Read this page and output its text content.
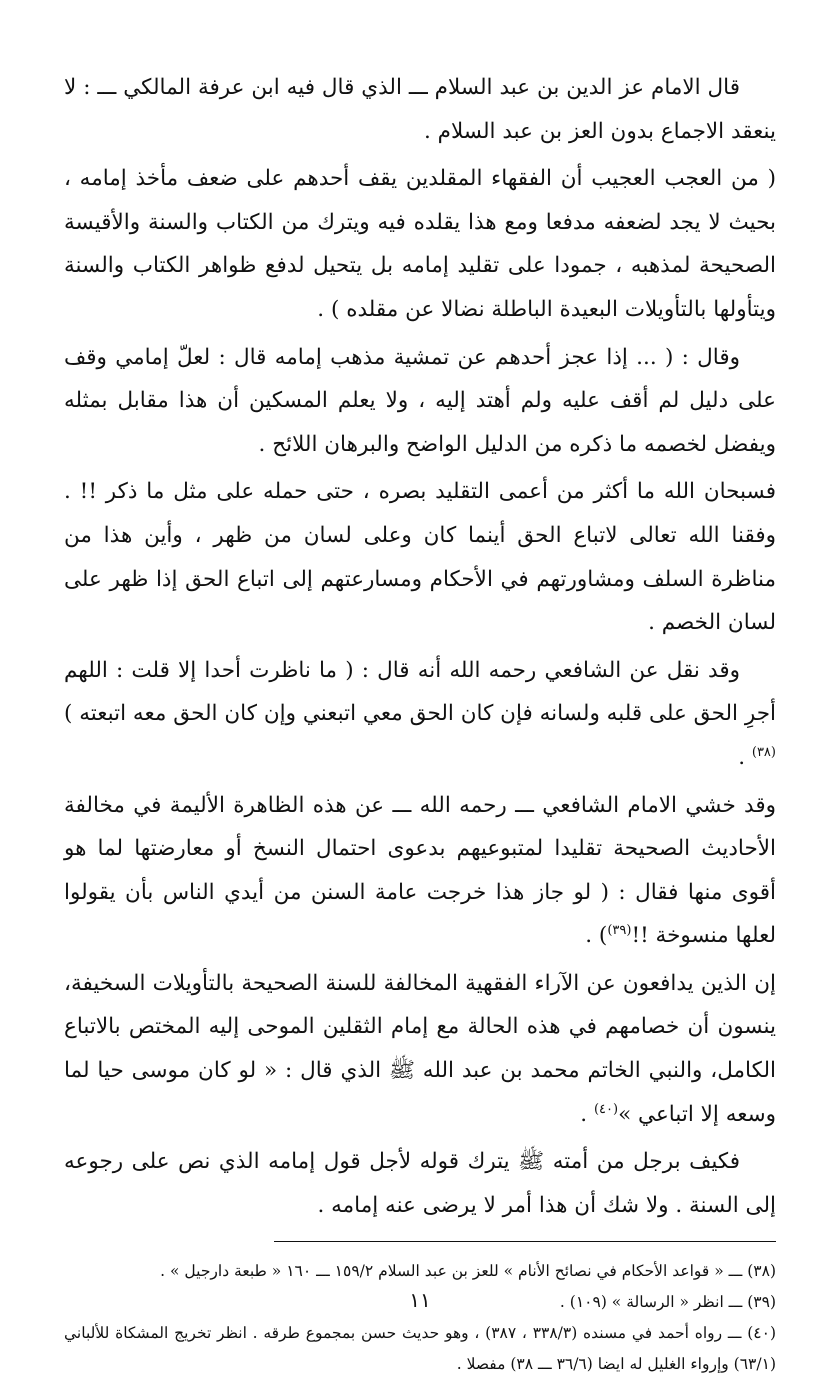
قال الامام عز الدين بن عبد السلام ـــ الذي قال فيه ابن عرفة المالكي ـــ : لا ينعقد الاجماع بدون العز بن عبد السلام .

( من العجب العجيب أن الفقهاء المقلدين يقف أحدهم على ضعف مأخذ إمامه ، بحيث لا يجد لضعفه مدفعا ومع هذا يقلده فيه ويترك من الكتاب والسنة والأقيسة الصحيحة لمذهبه ، جمودا على تقليد إمامه بل يتحيل لدفع ظواهر الكتاب والسنة ويتأولها بالتأويلات البعيدة الباطلة نضالا عن مقلده ) .

وقال : ( ... إذا عجز أحدهم عن تمشية مذهب إمامه قال : لعلّ إمامي وقف على دليل لم أقف عليه ولم أهتد إليه ، ولا يعلم المسكين أن هذا مقابل بمثله ويفضل لخصمه ما ذكره من الدليل الواضح والبرهان اللائح .

فسبحان الله ما أكثر من أعمى التقليد بصره ، حتى حمله على مثل ما ذكر !! . وفقنا الله تعالى لاتباع الحق أينما كان وعلى لسان من ظهر ، وأين هذا من مناظرة السلف ومشاورتهم في الأحكام ومسارعتهم إلى اتباع الحق إذا ظهر على لسان الخصم .

وقد نقل عن الشافعي رحمه الله أنه قال : ( ما ناظرت أحدا إلا قلت : اللهم أجرِ الحق على قلبه ولسانه فإن كان الحق معي اتبعني وإن كان الحق معه اتبعته )$^{(٣٨)}$ .

وقد خشي الامام الشافعي ـــ رحمه الله ـــ عن هذه الظاهرة الأليمة في مخالفة الأحاديث الصحيحة تقليدا لمتبوعيهم بدعوى احتمال النسخ أو معارضتها لما هو أقوى منها فقال : ( لو جاز هذا خرجت عامة السنن من أيدي الناس بأن يقولوا لعلها منسوخة !!$^{(٣٩)}$) .

إن الذين يدافعون عن الآراء الفقهية المخالفة للسنة الصحيحة بالتأويلات السخيفة، ينسون أن خصامهم في هذه الحالة مع إمام الثقلين الموحى إليه المختص بالاتباع الكامل، والنبي الخاتم محمد بن عبد الله ﷺ الذي قال : « لو كان موسى حيا لما وسعه إلا اتباعي »$^{(٤٠)}$ .

فكيف برجل من أمته ﷺ يترك قوله لأجل قول إمامه الذي نص على رجوعه إلى السنة . ولا شك أن هذا أمر لا يرضى عنه إمامه .

(٣٨) ـــ « قواعد الأحكام في نصائح الأنام » للعز بن عبد السلام ١٥٩/٢ ـــ ١٦٠ « طبعة دارجيل » .

(٣٩) ـــ انظر « الرسالة » (١٠٩) .

(٤٠) ـــ رواه أحمد في مسنده (٣٣٨/٣ ، ٣٨٧) ، وهو حديث حسن بمجموع طرقه . انظر تخريج المشكاة للألباني (٦٣/١) وإرواء الغليل له ايضا (٣٦/٦ ـــ ٣٨) مفصلا .

١١
